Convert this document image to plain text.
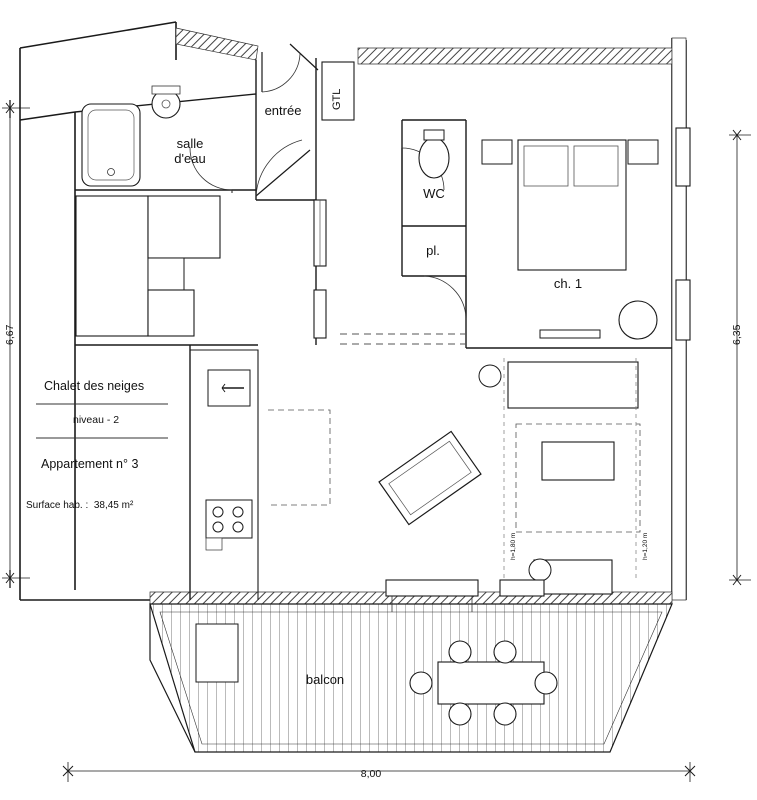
entrée
GTL
salle
d'eau
WC
pl.
ch. 1
balcon
Chalet des neiges
niveau - 2
Appartement n° 3
Surface hab. :  38,45 m²
6,67	6,35
8,00
h=1,80 m	h=1,20 m
